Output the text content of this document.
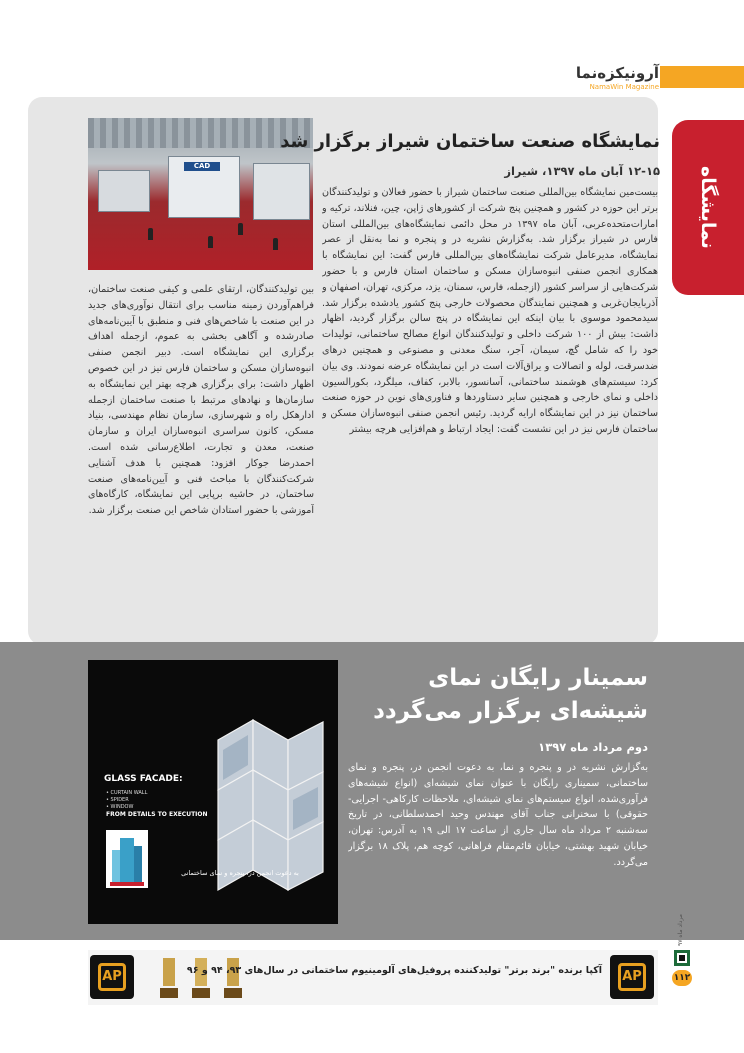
آرونیکزه‌نما
NamaWin Magazine
نمایشگاه
CAD
نمایشگاه صنعت ساختمان شیراز برگزار شد
۱۲-۱۵ آبان ماه ۱۳۹۷، شیراز
بیست‌مین نمایشگاه بین‌المللی صنعت ساختمان شیراز با حضور فعالان و تولیدکنندگان برتر این حوزه در کشور و همچنین پنج شرکت از کشورهای ژاپن، چین، فنلاند، ترکیه و امارات‌متحده‌عربی، آبان ماه ۱۳۹۷ در محل دائمی نمایشگاه‌های بین‌المللی استان فارس در شیراز برگزار شد. به‌گزارش نشریه در و پنجره و نما به‌نقل از عصر نمایشگاه، مدیرعامل شرکت نمایشگاه‌های بین‌المللی فارس گفت: این نمایشگاه با همکاری انجمن صنفی انبوه‌سازان مسکن و ساختمان استان فارس و با حضور شرکت‌هایی از سراسر کشور (ازجمله، فارس، سمنان، یزد، مرکزی، تهران، اصفهان و آذربایجان‌غربی و همچنین نمایندگان محصولات خارجی پنج کشور یادشده برگزار شد. سیدمحمود موسوی با بیان اینکه این نمایشگاه در پنج سالن برگزار گردید، اظهار داشت: بیش از ۱۰۰ شرکت داخلی و تولیدکنندگان انواع مصالح ساختمانی، تولیدات خود را که شامل گچ، سیمان، آجر، سنگ معدنی و مصنوعی و همچنین درهای ضدسرقت، لوله و اتصالات و یراق‌آلات است در این نمایشگاه عرضه نمودند. وی بیان کرد: سیستم‌های هوشمند ساختمانی، آسانسور، بالابر، کفاف، میلگرد، بکورالسیون داخلی و نمای خارجی و همچنین سایر دستاوردها و فناوری‌های نوین در حوزه صنعت ساختمان نیز در این نمایشگاه ارایه گردید. رئیس انجمن صنفی انبوه‌سازان مسکن و ساختمان فارس نیز در این نشست گفت: ایجاد ارتباط و هم‌افزایی هرچه بیشتر
بین تولیدکنندگان، ارتقای علمی و کیفی صنعت ساختمان، فراهم‌آوردن زمینه مناسب برای انتقال نوآوری‌های جدید در این صنعت با شاخص‌های فنی و منطبق با آیین‌نامه‌های صادرشده و آگاهی بخشی به عموم، ازجمله اهداف برگزاری این نمایشگاه است. دبیر انجمن صنفی انبوه‌سازان مسکن و ساختمان فارس نیز در این خصوص اظهار داشت: برای برگزاری هرچه بهتر این نمایشگاه به سازمان‌ها و نهادهای مرتبط با صنعت ساختمان ازجمله ادارهکل راه و شهرسازی، سازمان نظام مهندسی، بنیاد مسکن، کانون سراسری انبوه‌سازان ایران و سازمان صنعت، معدن و تجارت، اطلاع‌رسانی شده است. احمدرضا جوکار افزود: همچنین با هدف آشنایی شرکت‌کنندگان با مباحث فنی و آیین‌نامه‌های صنعت ساختمان، در حاشیه برپایی این نمایشگاه، کارگاه‌های آموزشی با حضور استادان شاخص این صنعت برگزار شد.
GLASS FACADE:
• CURTAIN WALL
• SPIDER
• WINDOW
FROM DETAILS TO EXECUTION
به دعوت انجمن در، پنجره و نمای ساختمانی
سمینار رایگان نمای شیشه‌ای برگزار می‌گردد
دوم مرداد ماه ۱۳۹۷
به‌گزارش نشریه در و پنجره و نما، به دعوت انجمن در، پنجره و نمای ساختمانی، سمیناری رایگان با عنوان نمای شیشه‌ای (انواع شیشه‌های فرآوری‌شده، انواع سیستم‌های نمای شیشه‌ای، ملاحظات کارکاهی- اجرایی- حقوقی) با سخنرانی جناب آقای مهندس وحید احمدسلطانی، در تاریخ سه‌شنبه ۲ مرداد ماه سال جاری از ساعت ۱۷ الی ۱۹ به آدرس: تهران، خیابان شهید بهشتی، خیابان قائم‌مقام فراهانی، کوچه هم، پلاک ۱۸ برگزار می‌گردد.
مرداد ماه ۹۷
۱۱۲
AP
AP	آکپا برنده "برند برتر" تولیدکننده پروفیل‌های آلومینیوم ساختمانی در سال‌های ۹۳، ۹۴ و ۹۶
